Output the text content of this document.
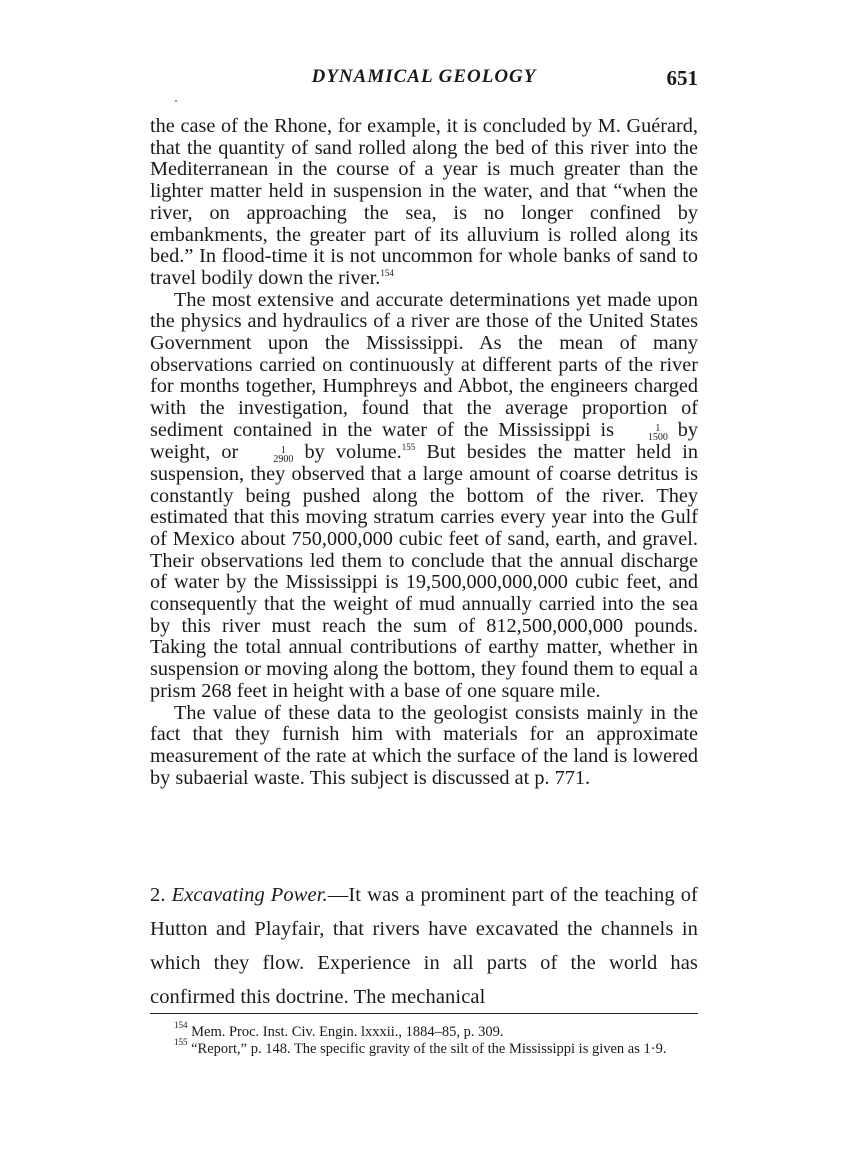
DYNAMICAL GEOLOGY	651

the case of the Rhone, for example, it is concluded by M. Guérard, that the quantity of sand rolled along the bed of this river into the Mediterranean in the course of a year is much greater than the lighter matter held in suspension in the water, and that “when the river, on approaching the sea, is no longer confined by embankments, the greater part of its alluvium is rolled along its bed.” In flood-time it is not uncommon for whole banks of sand to travel bodily down the river.$^{154}$

The most extensive and accurate determinations yet made upon the physics and hydraulics of a river are those of the United States Government upon the Mississippi. As the mean of many observations carried on continuously at different parts of the river for months together, Humphreys and Abbot, the engineers charged with the investigation, found that the average proportion of sediment contained in the water of the Mississippi is	1
1500 by weight, or	1
2900 by volume.$^{155}$ But besides the matter held in suspension, they observed that a large amount of coarse detritus is constantly being pushed along the bottom of the river. They estimated that this moving stratum carries every year into the Gulf of Mexico about 750,000,000 cubic feet of sand, earth, and gravel. Their observations led them to conclude that the annual discharge of water by the Mississippi is 19,500,000,000,000 cubic feet, and consequently that the weight of mud annually carried into the sea by this river must reach the sum of 812,500,000,000 pounds. Taking the total annual contributions of earthy matter, whether in suspension or moving along the bottom, they found them to equal a prism 268 feet in height with a base of one square mile.

The value of these data to the geologist consists mainly in the fact that they furnish him with materials for an approximate measurement of the rate at which the surface of the land is lowered by subaerial waste. This subject is discussed at p. 771.

2. Excavating Power.—It was a prominent part of the teaching of Hutton and Playfair, that rivers have excavated the channels in which they flow. Experience in all parts of the world has confirmed this doctrine. The mechanical

$^{154}$ Mem. Proc. Inst. Civ. Engin. lxxxii., 1884–85, p. 309.

$^{155}$ “Report,” p. 148. The specific gravity of the silt of the Mississippi is given as 1·9.
